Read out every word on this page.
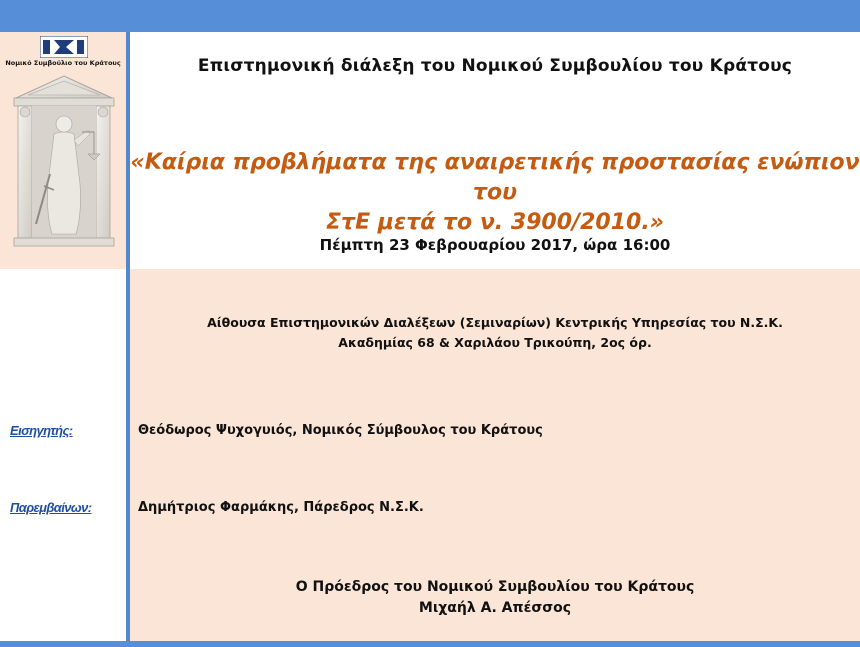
Νομικό Συμβούλιο του Κράτους	Επιστημονική διάλεξη του Νομικού Συμβουλίου του Κράτους
«Καίρια προβλήματα της αναιρετικής προστασίας ενώπιον του
ΣτΕ μετά το ν. 3900/2010.»
Πέμπτη 23 Φεβρουαρίου 2017, ώρα 16:00
Αίθουσα Επιστημονικών Διαλέξεων (Σεμιναρίων) Κεντρικής Υπηρεσίας του Ν.Σ.Κ.
Ακαδημίας 68 & Χαριλάου Τρικούπη, 2ος όρ.
Εισηγητής:	Θεόδωρος Ψυχογυιός, Νομικός Σύμβουλος του Κράτους
Παρεμβαίνων:	Δημήτριος Φαρμάκης, Πάρεδρος Ν.Σ.Κ.
Ο Πρόεδρος του Νομικού Συμβουλίου του Κράτους
Μιχαήλ Α. Απέσσος
